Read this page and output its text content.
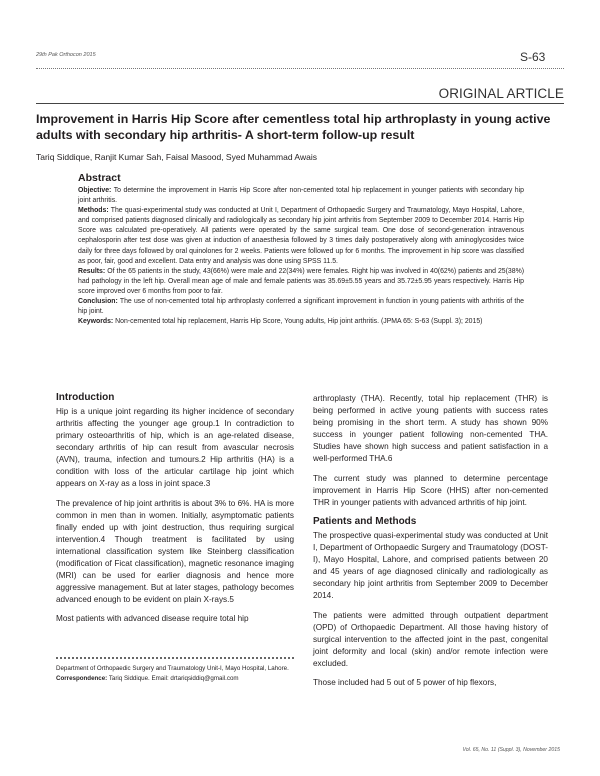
29th Pak Orthocon 2015	S-63
ORIGINAL ARTICLE
Improvement in Harris Hip Score after cementless total hip arthroplasty in young active adults with secondary hip arthritis- A short-term follow-up result
Tariq Siddique, Ranjit Kumar Sah, Faisal Masood, Syed Muhammad Awais
Abstract

Objective: To determine the improvement in Harris Hip Score after non-cemented total hip replacement in younger patients with secondary hip joint arthritis.

Methods: The quasi-experimental study was conducted at Unit I, Department of Orthopaedic Surgery and Traumatology, Mayo Hospital, Lahore, and comprised patients diagnosed clinically and radiologically as secondary hip joint arthritis from September 2009 to December 2014. Harris Hip Score was calculated pre-operatively. All patients were operated by the same surgical team. One dose of second-generation intravenous cephalosporin after test dose was given at induction of anaesthesia followed by 3 times daily postoperatively along with aminoglycosides twice daily for three days followed by oral quinolones for 2 weeks. Patients were followed up for 6 months. The improvement in hip score was classified as poor, fair, good and excellent. Data entry and analysis was done using SPSS 11.5.

Results: Of the 65 patients in the study, 43(66%) were male and 22(34%) were females. Right hip was involved in 40(62%) patients and 25(38%) had pathology in the left hip. Overall mean age of male and female patients was 35.69±5.55 years and 35.72±5.95 years respectively. Harris Hip score improved over 6 months from poor to fair.

Conclusion: The use of non-cemented total hip arthroplasty conferred a significant improvement in function in young patients with arthritis of the hip joint.

Keywords: Non-cemented total hip replacement, Harris Hip Score, Young adults, Hip joint arthritis. (JPMA 65: S-63 (Suppl. 3); 2015)

Introduction

Hip is a unique joint regarding its higher incidence of secondary arthritis affecting the younger age group.1 In contradiction to primary osteoarthritis of hip, which is an age-related disease, secondary arthritis of hip can result from avascular necrosis (AVN), trauma, infection and tumours.2 Hip arthritis (HA) is a condition with loss of the articular cartilage hip joint which appears on X-ray as a loss in joint space.3

The prevalence of hip joint arthritis is about 3% to 6%. HA is more common in men than in women. Initially, asymptomatic patients finally ended up with joint destruction, thus requiring surgical intervention.4 Though treatment is facilitated by using international classification system like Steinberg classification (modification of Ficat classification), magnetic resonance imaging (MRI) can be used for earlier diagnosis and hence more aggressive management. But at later stages, pathology becomes advanced enough to be evident on plain X-rays.5

Most patients with advanced disease require total hip

Department of Orthopaedic Surgery and Traumatology Unit-I, Mayo Hospital, Lahore.
Correspondence: Tariq Siddique. Email: drtariqsiddiq@gmail.com

arthroplasty (THA). Recently, total hip replacement (THR) is being performed in active young patients with success rates being promising in the short term. A study has shown 90% success in younger patient following non-cemented THA. Studies have shown high success and patient satisfaction in a well-performed THA.6

The current study was planned to determine percentage improvement in Harris Hip Score (HHS) after non-cemented THR in younger patients with advanced arthritis of hip joint.

Patients and Methods

The prospective quasi-experimental study was conducted at Unit I, Department of Orthopaedic Surgery and Traumatology (DOST-I), Mayo Hospital, Lahore, and comprised patients between 20 and 45 years of age diagnosed clinically and radiologically as secondary hip joint arthritis from September 2009 to December 2014.

The patients were admitted through outpatient department (OPD) of Orthopaedic Department. All those having history of surgical intervention to the affected joint in the past, congenital joint deformity and local (skin) and/or remote infection were excluded.

Those included had 5 out of 5 power of hip flexors,

Vol. 65, No. 11 (Suppl. 3), November 2015
